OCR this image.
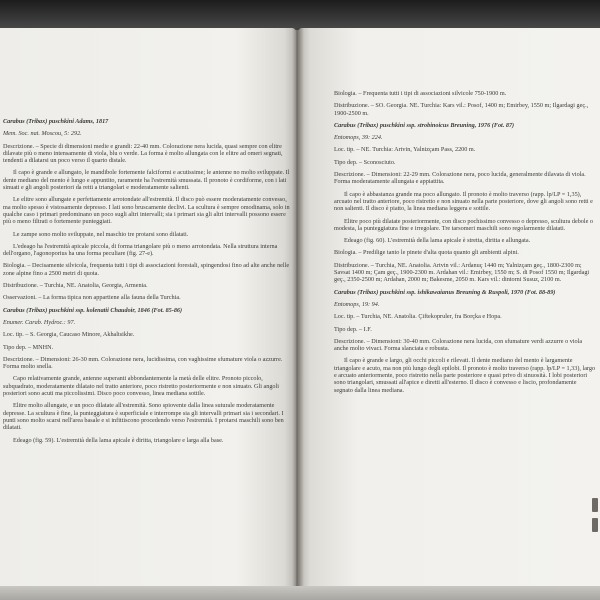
Carabus (Tribax) puschkini Adams, 1817

Mem. Soc. nat. Moscou, 5: 292.

Descrizione. – Specie di dimensioni medie e grandi: 22-40 mm. Colorazione nera lucida, quasi sempre con elitre dilavate più o meno intensamente di viola, blu o verde. La forma è molto allungata con le elitre ad omeri segnati, tendenti a dilatarsi un poco verso il quarto distale.

Il capo è grande e allungato, le mandibole fortemente falciformi e acutissime; le antenne no molto sviluppate. Il dente mediano del mento è lungo e appuntito, raramente ha l'estremità smussata. Il pronoto è cordiforme, con i lati sinuati e gli angoli posteriori da retti a triangolari e moderatamente salienti.

Le elitre sono allungate e perfettamente arrotondate all'estremità. Il disco può essere moderatamente convesso, ma molto spesso è vistosamente depresso. I lati sono bruscamente declivi. La scultura è sempre omodinama, solo in qualche caso i primari predominano un poco sugli altri intervalli; sia i primari sia gli altri intervalli possono essere più o meno filtrati o fortemente punteggiati.

Le zampe sono molto sviluppate, nel maschio tre protarsi sono dilatati.

L'edeago ha l'estremità apicale piccola, di forma triangolare più o meno arrotondata. Nella struttura interna dell'organo, l'agonoporius ha una forma peculiare (fig. 27-e).

Biologia. – Decisamente silvicola, frequenta tutti i tipi di associazioni forestali, spingendosi fino ad alte anche nelle zone alpine fino a 2500 metri di quota.

Distribuzione. – Turchia, NE. Anatolia, Georgia, Armenia.

Osservazioni. – La forma tipica non appartiene alla fauna della Turchia.

Carabus (Tribax) puschkini ssp. kolenatii Chaudoir, 1846 (Fot. 85-86)

Enumer. Carab. Hydroc.: 97.

Loc. tip. – S. Georgia, Caucaso Minore, Akhaltsikhe.

Tipo dep. – MNHN.

Descrizione. – Dimensioni: 26-30 mm. Colorazione nera, lucidissima, con vaghissime sfumature viola o azzurre. Forma molto snella.

Capo relativamente grande, antenne superanti abbondantemente la metà delle elitre. Pronoto piccolo, subquadrato, moderatamente dilatato nel tratto anteriore, poco ristretto posteriormente e non sinuato. Gli angoli posteriori sono acuti ma piccolissimi. Disco poco convesso, linea mediana sottile.

Elitre molto allungate, e un poco dilatate all'estremità. Sono spiovente dalla linea suturale moderatamente depresse. La scultura è fine, la punteggiatura è superficiale e interrompe sia gli intervalli primari sia i secondari. I punti sono molto scarsi nell'area basale e si infittiscono procedendo verso l'estremità. I protarsi maschili sono ben dilatati.

Edeago (fig. 59). L'estremità della lama apicale è diritta, triangolare e larga alla base.

Biologia. – Frequenta tutti i tipi di associazioni silvicole 750-1900 m.

Distribuzione. – SO. Georgia. NE. Turchia: Kars vil.: Posof, 1400 m; Emirbey, 1550 m; Ilgardagi geç., 1900-2500 m.

Carabus (Tribax) puschkini ssp. strobinoicus Breuning, 1976 (Fot. 87)

Entomops, 39: 224.

Loc. tip. – NE. Turchia: Artvin, Yalnizçam Pass, 2200 m.

Tipo dep. – Sconosciuto.

Descrizione. – Dimensioni: 22-29 mm. Colorazione nera, poco lucida, generalmente dilavata di viola. Forma moderatamente allungata e appiattita.

Il capo è abbastanza grande ma poco allungato. Il pronoto è molto traverso (rapp. lp/LP = 1,35), arcuato nel tratto anteriore, poco ristretto e non sinuato nella parte posteriore, dove gli angoli sono retti e non salienti. Il disco è piatto, la linea mediana leggera e sottile.

Elitre poco più dilatate posteriormente, con disco pochissimo convesso o depresso, scultura debole o modesta, la punteggiatura fine e irregolare. Tre tarsomeri maschili sono regolarmente dilatati.

Edeago (fig. 60). L'estremità della lama apicale è stretta, diritta e allungata.

Biologia. – Predilige tanto le pinete d'alta quota quanto gli ambienti alpini.

Distribuzione. – Turchia, NE. Anatolia. Artvin vil.: Ardanuç 1440 m; Yalnizçam geç., 1800-2300 m; Savsat 1400 m; Çam geç., 1900-2300 m. Ardahan vil.: Emirbey, 1550 m; S. di Posof 1550 m; Ilgardagi geç., 2350-2500 m; Ardahan, 2000 m; Bakesme, 2050 m. Kars vil.: dintorni Susuz, 2100 m.

Carabus (Tribax) puschkini ssp. ishikawaianus Breuning & Ruspoli, 1970 (Fot. 88-89)

Entomops, 19: 94.

Loc. tip. – Turchia, NE. Anatolia. Çiftekopruler, fra Borçka e Hopa.

Tipo dep. – I.F.

Descrizione. – Dimensioni: 30-40 mm. Colorazione nera lucida, con sfumature verdi azzurre o viola anche molto vivaci. Forma slanciata e robusta.

Il capo è grande e largo, gli occhi piccoli e rilevati. Il dente mediano del mento è largamente triangolare e acuto, ma non più lungo degli epilobi. Il pronoto è molto traverso (rapp. lp/LP = 1,33), largo e arcuato anteriormente, poco ristretto nella parte posteriore e quasi privo di sinuosità. I lobi posteriori sono triangolari, smussati all'apice e diretti all'esterno. Il disco è convesso e liscio, profondamente segnato dalla linea mediana.
